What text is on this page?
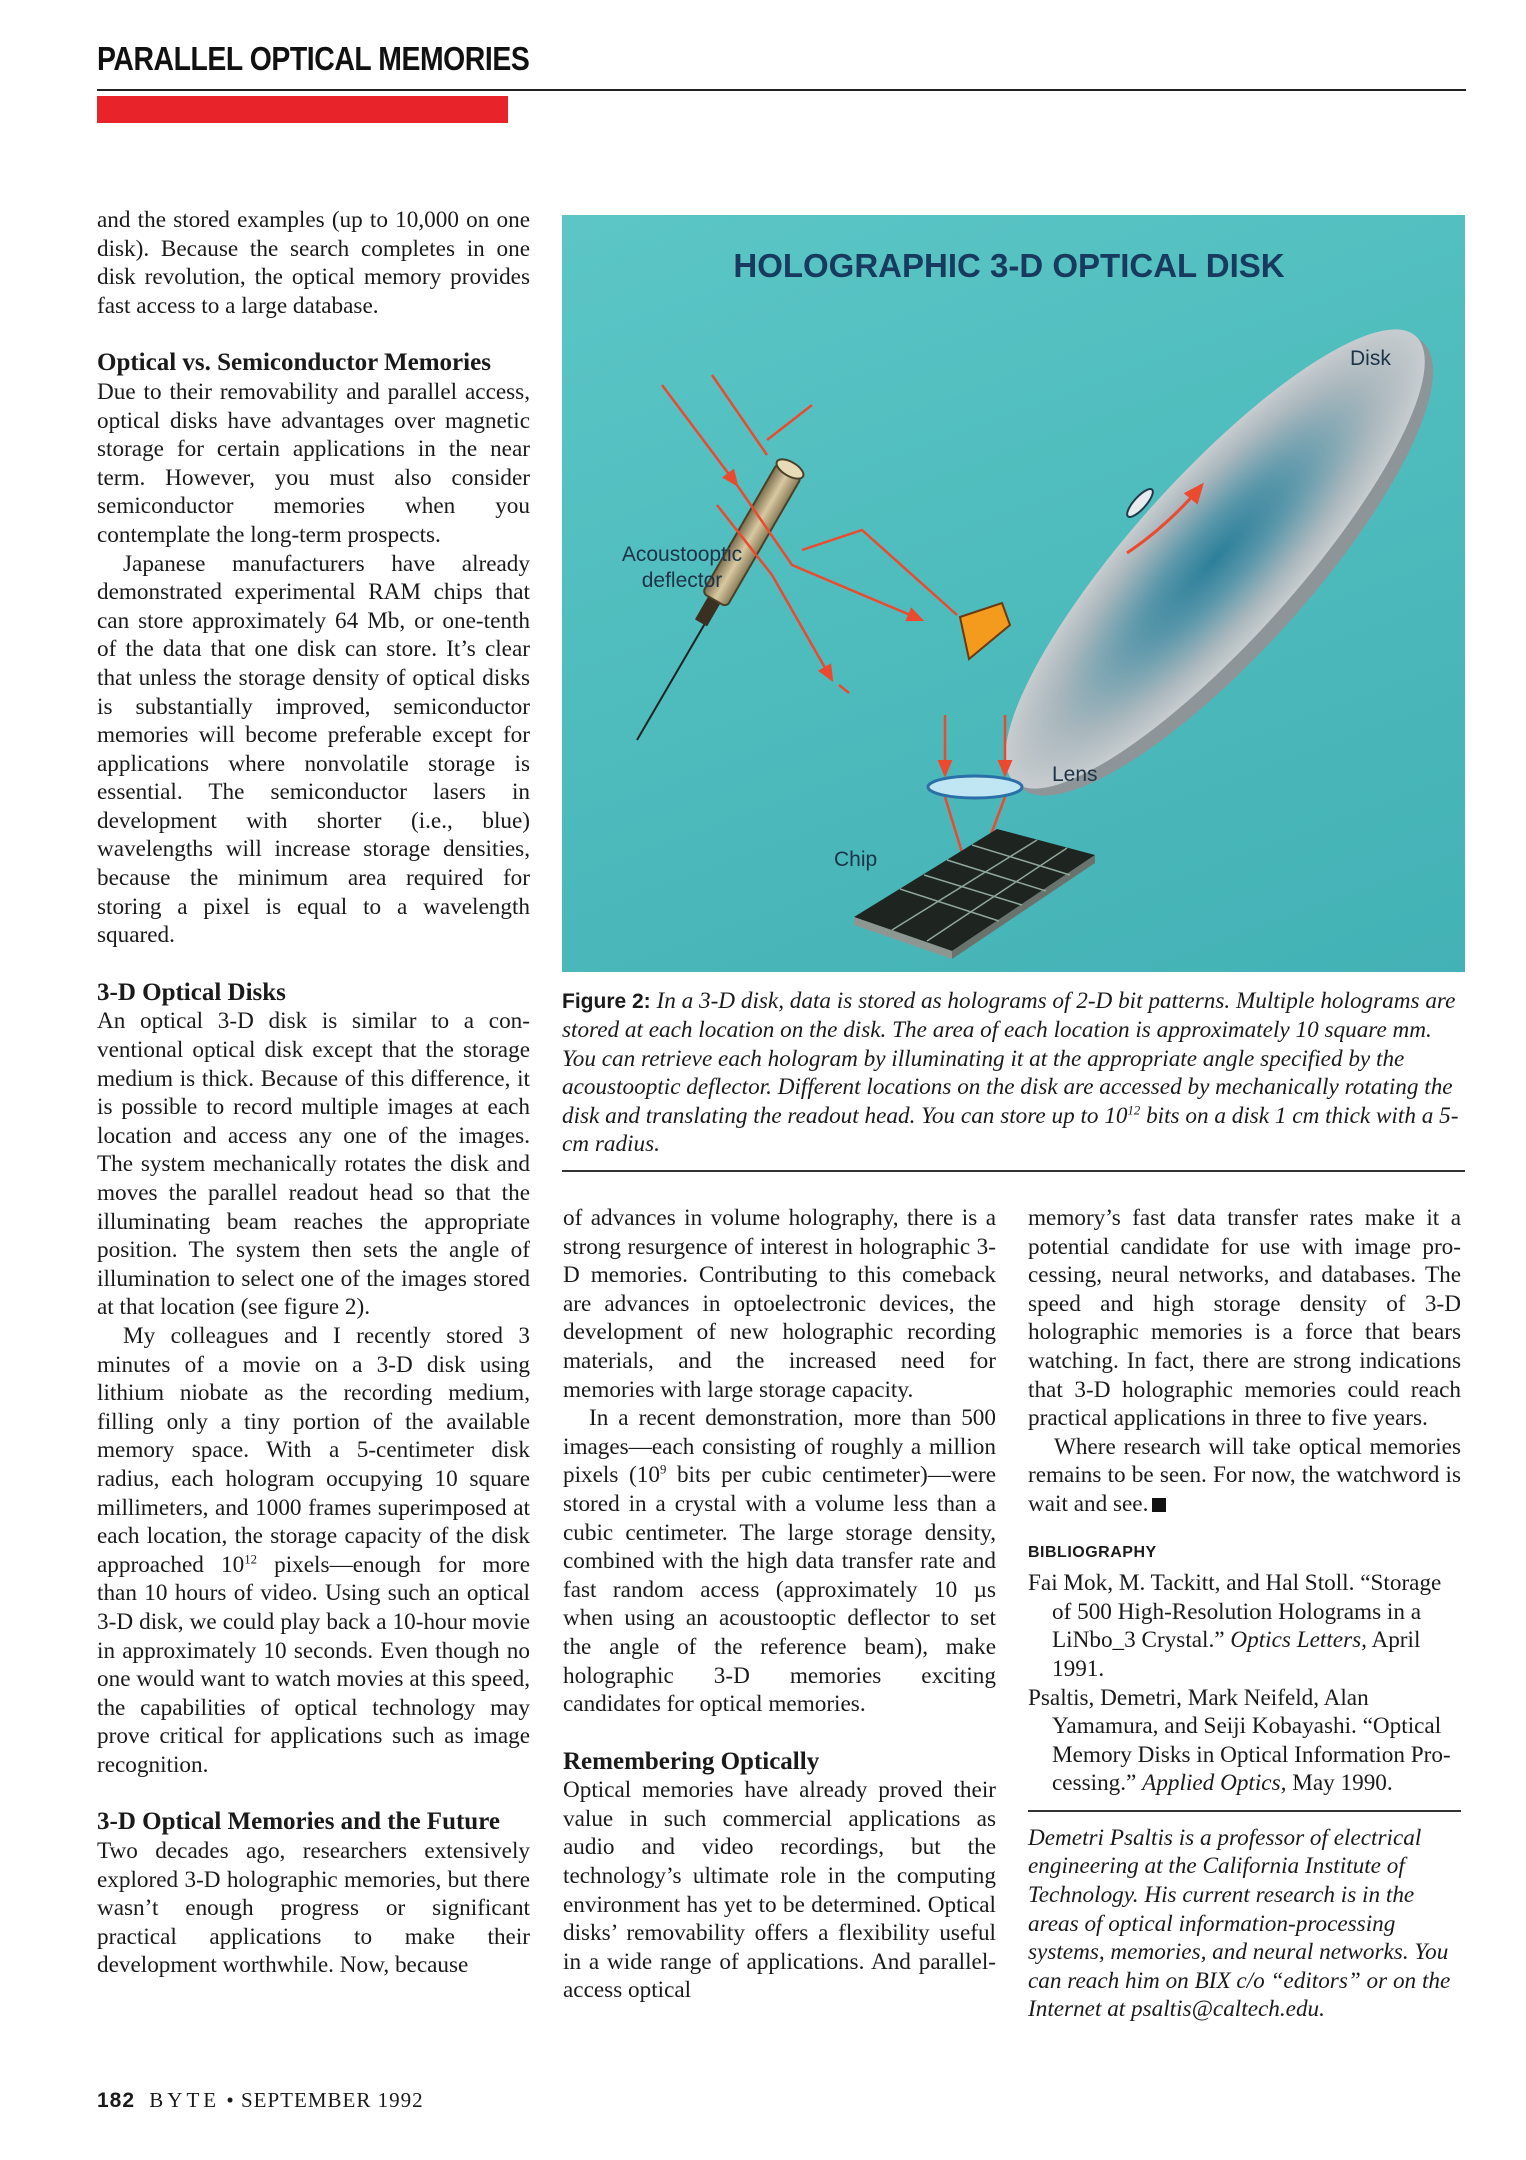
PARALLEL OPTICAL MEMORIES

and the stored examples (up to 10,000 on one disk). Because the search completes in one disk revolution, the optical memory provides fast access to a large database.

Optical vs. Semiconductor Memories

Due to their removability and parallel access, optical disks have advantages over magnetic storage for certain applications in the near term. However, you must also consider semiconductor memories when you contemplate the long-term prospects.

Japanese manufacturers have already demonstrated experimental RAM chips that can store approximately 64 Mb, or one-tenth of the data that one disk can store. It’s clear that unless the storage density of optical disks is substantially improved, semiconductor memories will become preferable except for applications where nonvolatile storage is essential. The semiconductor lasers in development with shorter (i.e., blue) wavelengths will increase storage densities, because the minimum area required for storing a pixel is equal to a wavelength squared.

3-D Optical Disks

An optical 3-D disk is similar to a conventional optical disk except that the storage medium is thick. Because of this difference, it is possible to record multiple images at each location and access any one of the images. The system mechanically rotates the disk and moves the parallel readout head so that the illuminating beam reaches the appropriate position. The system then sets the angle of illumination to select one of the images stored at that location (see figure 2).

My colleagues and I recently stored 3 minutes of a movie on a 3-D disk using lithium niobate as the recording medium, filling only a tiny portion of the available memory space. With a 5-centimeter disk radius, each hologram occupying 10 square millimeters, and 1000 frames superimposed at each location, the storage capacity of the disk approached $10^{12}$ pixels—enough for more than 10 hours of video. Using such an optical 3-D disk, we could play back a 10-hour movie in approximately 10 seconds. Even though no one would want to watch movies at this speed, the capabilities of optical technology may prove critical for applications such as image recognition.

3-D Optical Memories and the Future

Two decades ago, researchers extensively explored 3-D holographic memories, but there wasn’t enough progress or significant practical applications to make their development worthwhile. Now, because

HOLOGRAPHIC 3-D OPTICAL DISK
Disk
Acoustooptic
deflector
Lens
Chip
Figure 2: In a 3-D disk, data is stored as holograms of 2-D bit patterns. Multiple holograms are stored at each location on the disk. The area of each location is approximately 10 square mm. You can retrieve each hologram by illuminating it at the appropriate angle specified by the acoustooptic deflector. Different locations on the disk are accessed by mechanically rotating the disk and translating the readout head. You can store up to $10^{12}$ bits on a disk 1 cm thick with a 5-cm radius.

of advances in volume holography, there is a strong resurgence of interest in holographic 3-D memories. Contributing to this comeback are advances in optoelectronic devices, the development of new holographic recording materials, and the increased need for memories with large storage capacity.

In a recent demonstration, more than 500 images—each consisting of roughly a million pixels ($10^9$ bits per cubic centimeter)—were stored in a crystal with a volume less than a cubic centimeter. The large storage density, combined with the high data transfer rate and fast random access (approximately 10 µs when using an acoustooptic deflector to set the angle of the reference beam), make holographic 3-D memories exciting candidates for optical memories.

Remembering Optically

Optical memories have already proved their value in such commercial applications as audio and video recordings, but the technology’s ultimate role in the computing environment has yet to be determined. Optical disks’ removability offers a flexibility useful in a wide range of applications. And parallel-access optical

memory’s fast data transfer rates make it a potential candidate for use with image processing, neural networks, and databases. The speed and high storage density of 3-D holographic memories is a force that bears watching. In fact, there are strong indications that 3-D holographic memories could reach practical applications in three to five years.

Where research will take optical memories remains to be seen. For now, the watchword is wait and see.

BIBLIOGRAPHY

Fai Mok, M. Tackitt, and Hal Stoll. “Storage of 500 High-Resolution Holograms in a LiNbo_3 Crystal.” Optics Letters, April 1991.

Psaltis, Demetri, Mark Neifeld, Alan Yamamura, and Seiji Kobayashi. “Optical Memory Disks in Optical Information Processing.” Applied Optics, May 1990.

Demetri Psaltis is a professor of electrical engineering at the California Institute of Technology. His current research is in the areas of optical information-processing systems, memories, and neural networks. You can reach him on BIX c/o “editors” or on the Internet at psaltis@caltech.edu.

182 BYTE • SEPTEMBER 1992
